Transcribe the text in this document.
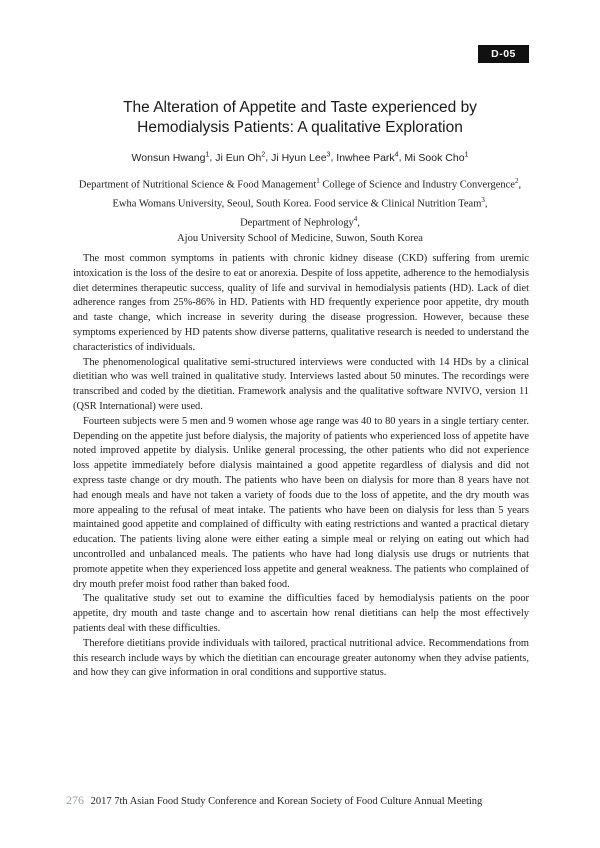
D-05
The Alteration of Appetite and Taste experienced by
Hemodialysis Patients: A qualitative Exploration
Wonsun Hwang$^1$, Ji Eun Oh$^2$, Ji Hyun Lee$^3$, Inwhee Park$^4$, Mi Sook Cho$^1$
Department of Nutritional Science & Food Management$^1$ College of Science and Industry Convergence$^2$,
Ewha Womans University, Seoul, South Korea. Food service & Clinical Nutrition Team$^3$,
Department of Nephrology$^4$,
Ajou University School of Medicine, Suwon, South Korea

The most common symptoms in patients with chronic kidney disease (CKD) suffering from uremic intoxication is the loss of the desire to eat or anorexia. Despite of loss appetite, adherence to the hemodialysis diet determines therapeutic success, quality of life and survival in hemodialysis patients (HD). Lack of diet adherence ranges from 25%-86% in HD. Patients with HD frequently experience poor appetite, dry mouth and taste change, which increase in severity during the disease progression. However, because these symptoms experienced by HD patents show diverse patterns, qualitative research is needed to understand the characteristics of individuals.

The phenomenological qualitative semi-structured interviews were conducted with 14 HDs by a clinical dietitian who was well trained in qualitative study. Interviews lasted about 50 minutes. The recordings were transcribed and coded by the dietitian. Framework analysis and the qualitative software NVIVO, version 11 (QSR International) were used.

Fourteen subjects were 5 men and 9 women whose age range was 40 to 80 years in a single tertiary center. Depending on the appetite just before dialysis, the majority of patients who experienced loss of appetite have noted improved appetite by dialysis. Unlike general processing, the other patients who did not experience loss appetite immediately before dialysis maintained a good appetite regardless of dialysis and did not express taste change or dry mouth. The patients who have been on dialysis for more than 8 years have not had enough meals and have not taken a variety of foods due to the loss of appetite, and the dry mouth was more appealing to the refusal of meat intake. The patients who have been on dialysis for less than 5 years maintained good appetite and complained of difficulty with eating restrictions and wanted a practical dietary education. The patients living alone were either eating a simple meal or relying on eating out which had uncontrolled and unbalanced meals. The patients who have had long dialysis use drugs or nutrients that promote appetite when they experienced loss appetite and general weakness. The patients who complained of dry mouth prefer moist food rather than baked food.

The qualitative study set out to examine the difficulties faced by hemodialysis patients on the poor appetite, dry mouth and taste change and to ascertain how renal dietitians can help the most effectively patients deal with these difficulties.

Therefore dietitians provide individuals with tailored, practical nutritional advice. Recommendations from this research include ways by which the dietitian can encourage greater autonomy when they advise patients, and how they can give information in oral conditions and supportive status.

276 2017 7th Asian Food Study Conference and Korean Society of Food Culture Annual Meeting
